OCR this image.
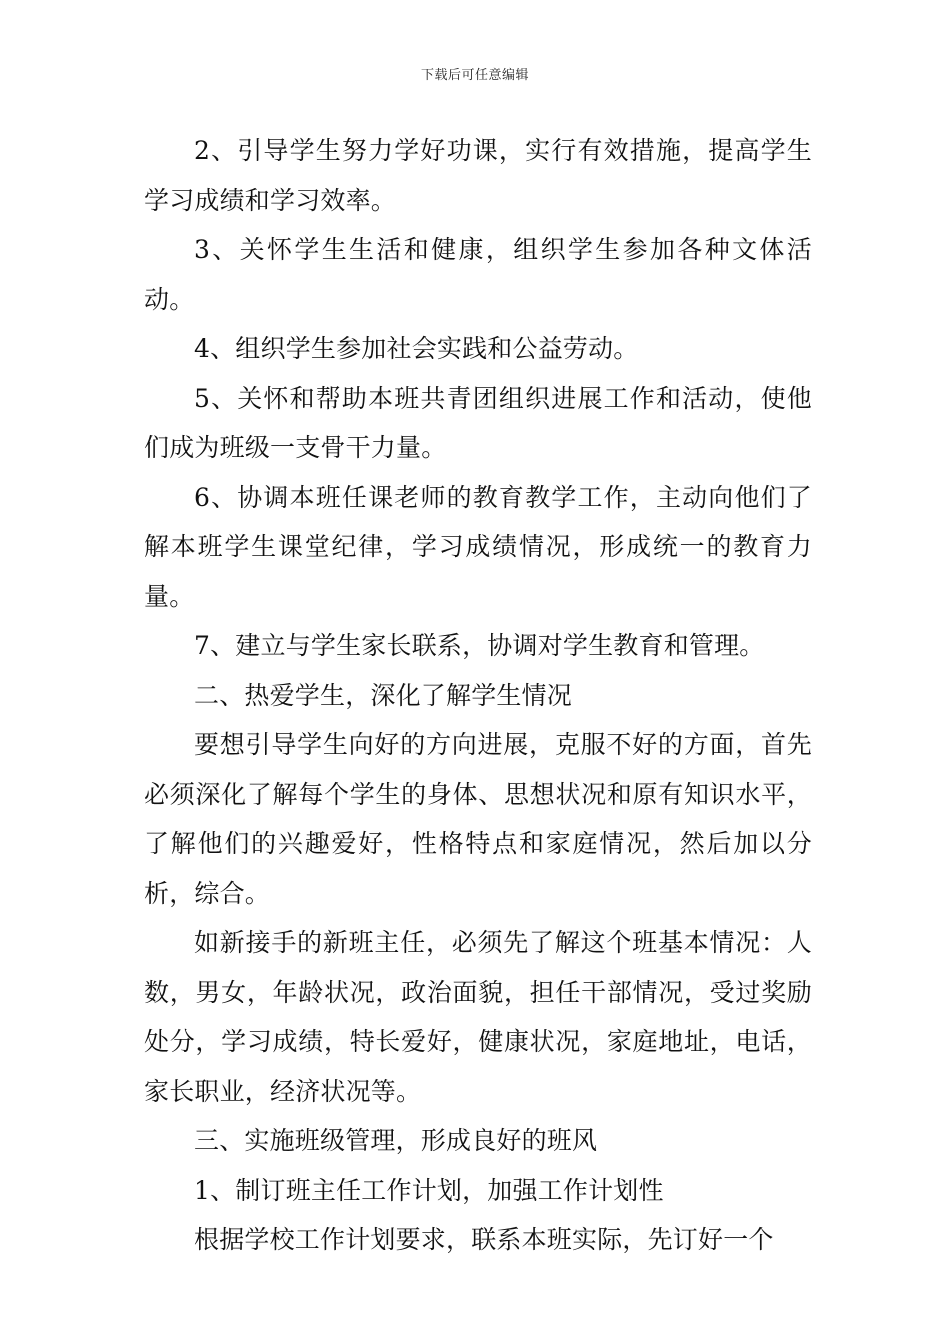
下载后可任意编辑

2、引导学生努力学好功课，实行有效措施，提高学生学习成绩和学习效率。

3、关怀学生生活和健康，组织学生参加各种文体活动。

4、组织学生参加社会实践和公益劳动。

5、关怀和帮助本班共青团组织进展工作和活动，使他们成为班级一支骨干力量。

6、协调本班任课老师的教育教学工作，主动向他们了解本班学生课堂纪律，学习成绩情况，形成统一的教育力量。

7、建立与学生家长联系，协调对学生教育和管理。

二、热爱学生，深化了解学生情况

要想引导学生向好的方向进展，克服不好的方面，首先必须深化了解每个学生的身体、思想状况和原有知识水平，了解他们的兴趣爱好，性格特点和家庭情况，然后加以分析，综合。

如新接手的新班主任，必须先了解这个班基本情况：人数，男女，年龄状况，政治面貌，担任干部情况，受过奖励处分，学习成绩，特长爱好，健康状况，家庭地址，电话，家长职业，经济状况等。

三、实施班级管理，形成良好的班风

1、制订班主任工作计划，加强工作计划性

根据学校工作计划要求，联系本班实际，先订好一个
